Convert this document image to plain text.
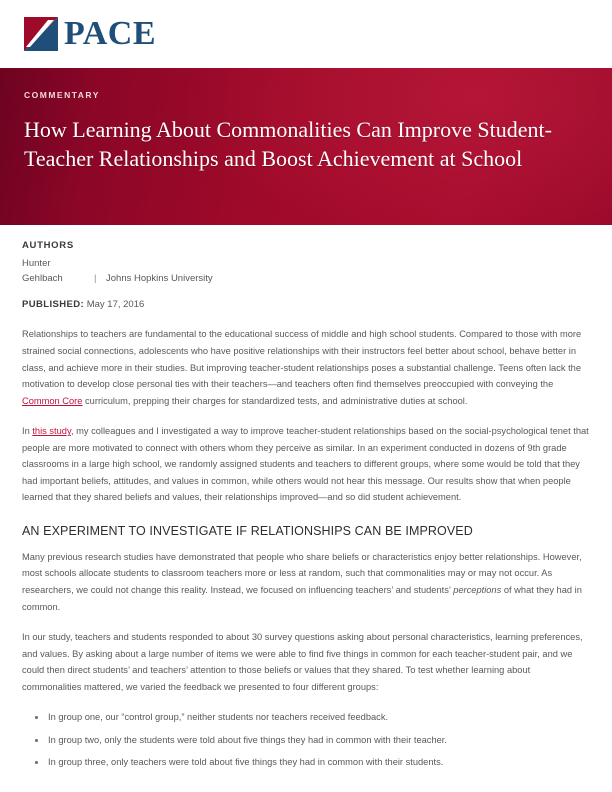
PACE

COMMENTARY

How Learning About Commonalities Can Improve Student-Teacher Relationships and Boost Achievement at School

AUTHORS

Hunter
Gehlbach	|	Johns Hopkins University

PUBLISHED: May 17, 2016

Relationships to teachers are fundamental to the educational success of middle and high school students. Compared to those with more strained social connections, adolescents who have positive relationships with their instructors feel better about school, behave better in class, and achieve more in their studies. But improving teacher-student relationships poses a substantial challenge. Teens often lack the motivation to develop close personal ties with their teachers—and teachers often find themselves preoccupied with conveying the Common Core curriculum, prepping their charges for standardized tests, and administrative duties at school.

In this study, my colleagues and I investigated a way to improve teacher-student relationships based on the social-psychological tenet that people are more motivated to connect with others whom they perceive as similar. In an experiment conducted in dozens of 9th grade classrooms in a large high school, we randomly assigned students and teachers to different groups, where some would be told that they had important beliefs, attitudes, and values in common, while others would not hear this message. Our results show that when people learned that they shared beliefs and values, their relationships improved—and so did student achievement.

AN EXPERIMENT TO INVESTIGATE IF RELATIONSHIPS CAN BE IMPROVED

Many previous research studies have demonstrated that people who share beliefs or characteristics enjoy better relationships. However, most schools allocate students to classroom teachers more or less at random, such that commonalities may or may not occur. As researchers, we could not change this reality. Instead, we focused on influencing teachers’ and students’ perceptions of what they had in common.

In our study, teachers and students responded to about 30 survey questions asking about personal characteristics, learning preferences, and values. By asking about a large number of items we were able to find five things in common for each teacher-student pair, and we could then direct students’ and teachers’ attention to those beliefs or values that they shared. To test whether learning about commonalities mattered, we varied the feedback we presented to four different groups:

In group one, our “control group,” neither students nor teachers received feedback.
In group two, only the students were told about five things they had in common with their teacher.
In group three, only teachers were told about five things they had in common with their students.
